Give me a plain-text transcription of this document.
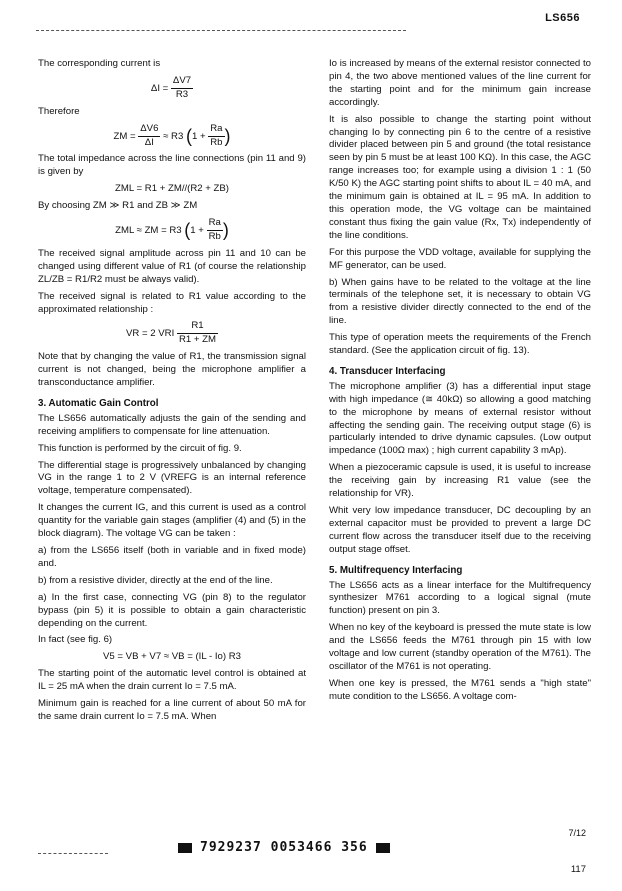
LS656

The corresponding current is

$\Delta I = \frac{\Delta V7}{R3}$

Therefore

ZM = $\frac{\Delta V6}{\Delta I} \approx R3$ ($1 + \frac{Ra}{Rb}$ )

The total impedance across the line connections (pin 11 and 9) is given by

ZML = R1 + ZM//(R2 + ZB)

By choosing ZM ≫ R1 and ZB ≫ ZM

ZML ≈ ZM = R3 ($1 + \frac{Ra}{Rb}$ )

The received signal amplitude across pin 11 and 10 can be changed using different value of R1 (of course the relationship ZL/ZB = R1/R2 must be always valid).

The received signal is related to R1 value according to the approximated relationship :

VR = 2 VRI $\frac{R1}{R1 + ZM}$

Note that by changing the value of R1, the transmission signal current is not changed, being the microphone amplifier a transconductance amplifier.

3. Automatic Gain Control

The LS656 automatically adjusts the gain of the sending and receiving amplifiers to compensate for line attenuation.

This function is performed by the circuit of fig. 9.

The differential stage is progressively unbalanced by changing VG in the range 1 to 2 V (VREFG is an internal reference voltage, temperature compensated).

It changes the current IG, and this current is used as a control quantity for the variable gain stages (amplifier (4) and (5) in the block diagram). The voltage VG can be taken :

a) from the LS656 itself (both in variable and in fixed mode) and.

b) from a resistive divider, directly at the end of the line.

a) In the first case, connecting VG (pin 8) to the regulator bypass (pin 5) it is possible to obtain a gain characteristic depending on the current.

In fact (see fig. 6)

V5 = VB + V7 ≈ VB = (IL - Io) R3

The starting point of the automatic level control is obtained at IL = 25 mA when the drain current Io = 7.5 mA.

Minimum gain is reached for a line current of about 50 mA for the same drain current Io = 7.5 mA. When

Io is increased by means of the external resistor connected to pin 4, the two above mentioned values of the line current for the starting point and for the minimum gain increase accordingly.

It is also possible to change the starting point without changing Io by connecting pin 6 to the centre of a resistive divider placed between pin 5 and ground (the total resistance seen by pin 5 must be at least 100 KΩ). In this case, the AGC range increases too; for example using a division 1 : 1 (50 K/50 K) the AGC starting point shifts to about IL = 40 mA, and the minimum gain is obtained at IL = 95 mA. In addition to this operation mode, the VG voltage can be maintained constant thus fixing the gain value (Rx, Tx) independently of the line conditions.

For this purpose the VDD voltage, available for supplying the MF generator, can be used.

b) When gains have to be related to the voltage at the line terminals of the telephone set, it is necessary to obtain VG from a resistive divider directly connected to the end of the line.

This type of operation meets the requirements of the French standard. (See the application circuit of fig. 13).

4. Transducer Interfacing

The microphone amplifier (3) has a differential input stage with high impedance (≅ 40kΩ) so allowing a good matching to the microphone by means of external resistor without affecting the sending gain. The receiving output stage (6) is particularly intended to drive dynamic capsules. (Low output impedance (100Ω max) ; high current capability 3 mAp).

When a piezoceramic capsule is used, it is useful to increase the receiving gain by increasing R1 value (see the relationship for VR).

Whit very low impedance transducer, DC decoupling by an external capacitor must be provided to prevent a large DC current flow across the transducer itself due to the receiving output stage offset.

5. Multifrequency Interfacing

The LS656 acts as a linear interface for the Multifrequency synthesizer M761 according to a logical signal (mute function) present on pin 3.

When no key of the keyboard is pressed the mute state is low and the LS656 feeds the M761 through pin 15 with low voltage and low current (standby operation of the M761). The oscillator of the M761 is not operating.

When one key is pressed, the M761 sends a "high state" mute condition to the LS656. A voltage com-

7/12
7929237 0053466 356
117
